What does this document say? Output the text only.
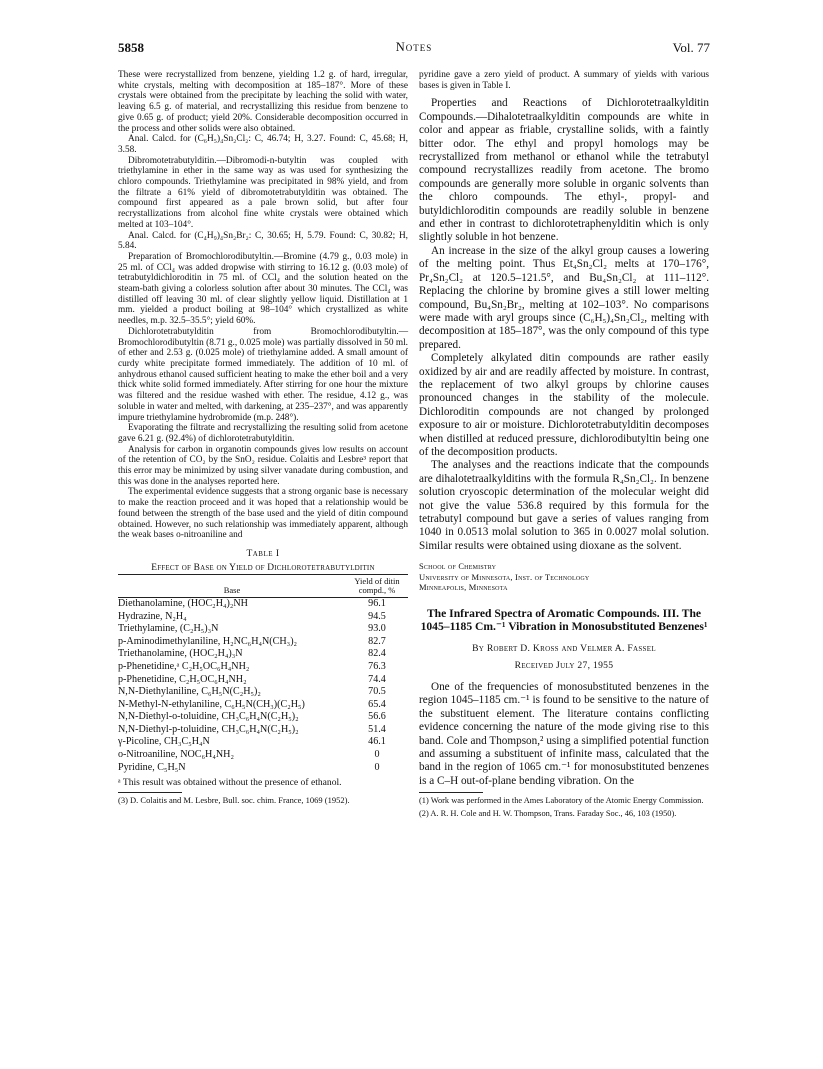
5858	Notes	Vol. 77

These were recrystallized from benzene, yielding 1.2 g. of hard, irregular, white crystals, melting with decomposition at 185–187°. More of these crystals were obtained from the precipitate by leaching the solid with water, leaving 6.5 g. of material, and recrystallizing this residue from benzene to give 0.65 g. of product; yield 20%. Considerable decomposition occurred in the process and other solids were also obtained.

Anal. Calcd. for (C₆H₅)₄Sn₂Cl₂: C, 46.74; H, 3.27. Found: C, 45.68; H, 3.58.

Dibromotetrabutylditin.—Dibromodi-n-butyltin was coupled with triethylamine in ether in the same way as was used for synthesizing the chloro compounds. Triethylamine was precipitated in 98% yield, and from the filtrate a 61% yield of dibromotetrabutylditin was obtained. The compound first appeared as a pale brown solid, but after four recrystallizations from alcohol fine white crystals were obtained which melted at 103–104°.

Anal. Calcd. for (C₄H₉)₄Sn₂Br₂: C, 30.65; H, 5.79. Found: C, 30.82; H, 5.84.

Preparation of Bromochlorodibutyltin.—Bromine (4.79 g., 0.03 mole) in 25 ml. of CCl₄ was added dropwise with stirring to 16.12 g. (0.03 mole) of tetrabutyldichloroditin in 75 ml. of CCl₄ and the solution heated on the steam-bath giving a colorless solution after about 30 minutes. The CCl₄ was distilled off leaving 30 ml. of clear slightly yellow liquid. Distillation at 1 mm. yielded a product boiling at 98–104° which crystallized as white needles, m.p. 32.5–35.5°; yield 60%.

Dichlorotetrabutylditin from Bromochlorodibutyltin.—Bromochlorodibutyltin (8.71 g., 0.025 mole) was partially dissolved in 50 ml. of ether and 2.53 g. (0.025 mole) of triethylamine added. A small amount of curdy white precipitate formed immediately. The addition of 10 ml. of anhydrous ethanol caused sufficient heating to make the ether boil and a very thick white solid formed immediately. After stirring for one hour the mixture was filtered and the residue washed with ether. The residue, 4.12 g., was soluble in water and melted, with darkening, at 235–237°, and was apparently impure triethylamine hydrobromide (m.p. 248°).

Evaporating the filtrate and recrystallizing the resulting solid from acetone gave 6.21 g. (92.4%) of dichlorotetrabutylditin.

Analysis for carbon in organotin compounds gives low results on account of the retention of CO₂ by the SnO₂ residue. Colaitis and Lesbre³ report that this error may be minimized by using silver vanadate during combustion, and this was done in the analyses reported here.

The experimental evidence suggests that a strong organic base is necessary to make the reaction proceed and it was hoped that a relationship would be found between the strength of the base used and the yield of ditin compound obtained. However, no such relationship was immediately apparent, although the weak bases o-nitroaniline and

Table I
Effect of Base on Yield of Dichlorotetrabutylditin
Base	Yield of ditin compd., %
Diethanolamine, (HOC₂H₄)₂NH	96.1
Hydrazine, N₂H₄	94.5
Triethylamine, (C₂H₅)₃N	93.0
p-Aminodimethylaniline, H₂NC₆H₄N(CH₃)₂	82.7
Triethanolamine, (HOC₂H₄)₃N	82.4
p-Phenetidine,ᵃ C₂H₅OC₆H₄NH₂	76.3
p-Phenetidine, C₂H₅OC₆H₄NH₂	74.4
N,N-Diethylaniline, C₆H₅N(C₂H₅)₂	70.5
N-Methyl-N-ethylaniline, C₆H₅N(CH₃)(C₂H₅)	65.4
N,N-Diethyl-o-toluidine, CH₃C₆H₄N(C₂H₅)₂	56.6
N,N-Diethyl-p-toluidine, CH₃C₆H₄N(C₂H₅)₂	51.4
γ-Picoline, CH₃C₅H₄N	46.1
o-Nitroaniline, NOC₆H₄NH₂	0
Pyridine, C₅H₅N	0
ᵃ This result was obtained without the presence of ethanol.
(3) D. Colaitis and M. Lesbre, Bull. soc. chim. France, 1069 (1952).

pyridine gave a zero yield of product. A summary of yields with various bases is given in Table I.

Properties and Reactions of Dichlorotetraalkylditin Compounds.—Dihalotetraalkylditin compounds are white in color and appear as friable, crystalline solids, with a faintly bitter odor. The ethyl and propyl homologs may be recrystallized from methanol or ethanol while the tetrabutyl compound recrystallizes readily from acetone. The bromo compounds are generally more soluble in organic solvents than the chloro compounds. The ethyl-, propyl- and butyldichloroditin compounds are readily soluble in benzene and ether in contrast to dichlorotetraphenylditin which is only slightly soluble in hot benzene.

An increase in the size of the alkyl group causes a lowering of the melting point. Thus Et₄Sn₂Cl₂ melts at 170–176°, Pr₄Sn₂Cl₂ at 120.5–121.5°, and Bu₄Sn₂Cl₂ at 111–112°. Replacing the chlorine by bromine gives a still lower melting compound, Bu₄Sn₂Br₂, melting at 102–103°. No comparisons were made with aryl groups since (C₆H₅)₄Sn₂Cl₂, melting with decomposition at 185–187°, was the only compound of this type prepared.

Completely alkylated ditin compounds are rather easily oxidized by air and are readily affected by moisture. In contrast, the replacement of two alkyl groups by chlorine causes pronounced changes in the stability of the molecule. Dichloroditin compounds are not changed by prolonged exposure to air or moisture. Dichlorotetrabutylditin decomposes when distilled at reduced pressure, dichlorodibutyltin being one of the decomposition products.

The analyses and the reactions indicate that the compounds are dihalotetraalkylditins with the formula R₄Sn₂Cl₂. In benzene solution cryoscopic determination of the molecular weight did not give the value 536.8 required by this formula for the tetrabutyl compound but gave a series of values ranging from 1040 in 0.0513 molal solution to 365 in 0.0027 molal solution. Similar results were obtained using dioxane as the solvent.

School of Chemistry
University of Minnesota, Inst. of Technology
Minneapolis, Minnesota
The Infrared Spectra of Aromatic Compounds. III. The 1045–1185 Cm.⁻¹ Vibration in Monosubstituted Benzenes¹
By Robert D. Kross and Velmer A. Fassel
Received July 27, 1955

One of the frequencies of monosubstituted benzenes in the region 1045–1185 cm.⁻¹ is found to be sensitive to the nature of the substituent element. The literature contains conflicting evidence concerning the nature of the mode giving rise to this band. Cole and Thompson,² using a simplified potential function and assuming a substituent of infinite mass, calculated that the band in the region of 1065 cm.⁻¹ for monosubstituted benzenes is a C–H out-of-plane bending vibration. On the

(1) Work was performed in the Ames Laboratory of the Atomic Energy Commission.
(2) A. R. H. Cole and H. W. Thompson, Trans. Faraday Soc., 46, 103 (1950).
